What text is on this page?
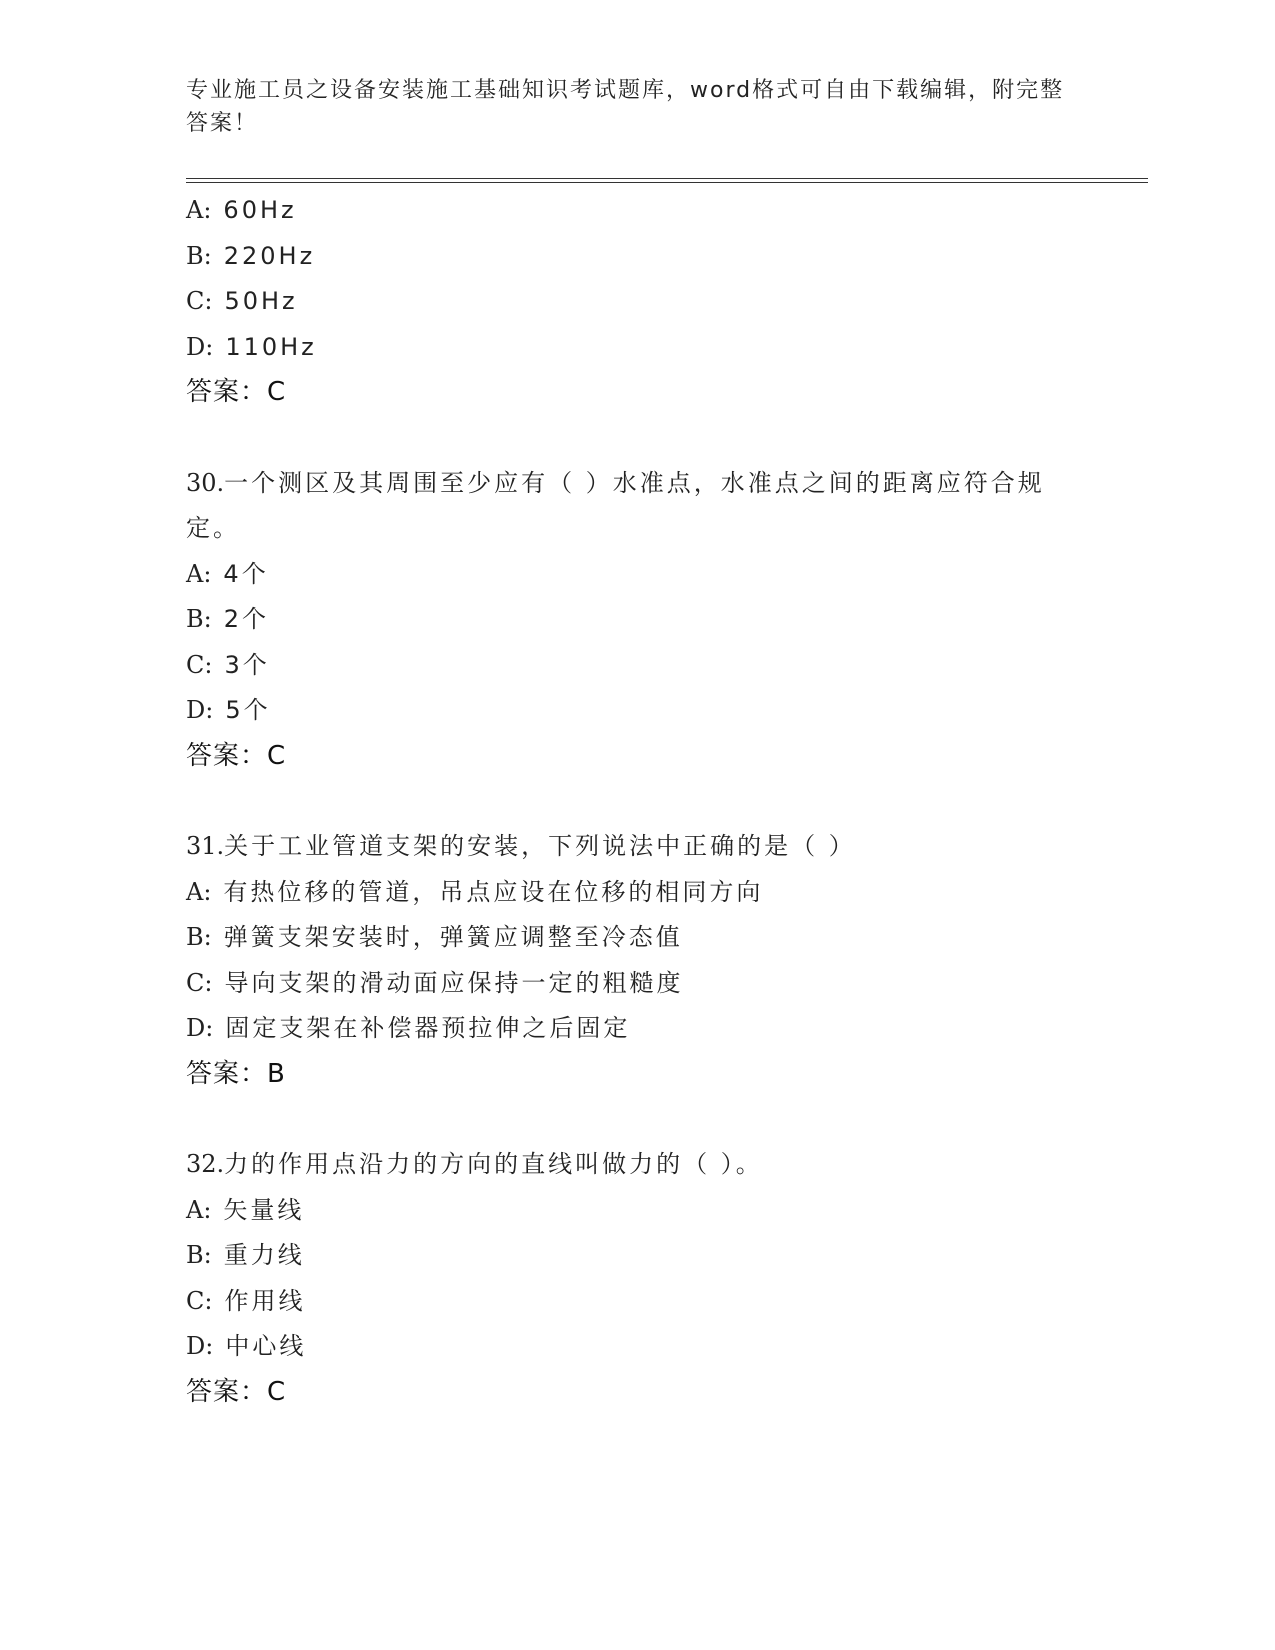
专业施工员之设备安装施工基础知识考试题库，word格式可自由下载编辑，附完整答案！
A: 60Hz
B: 220Hz
C: 50Hz
D: 110Hz
答案：C
30.一个测区及其周围至少应有（ ）水准点，水准点之间的距离应符合规定。
A: 4个
B: 2个
C: 3个
D: 5个
答案：C
31.关于工业管道支架的安装，下列说法中正确的是（ ）
A: 有热位移的管道，吊点应设在位移的相同方向
B: 弹簧支架安装时，弹簧应调整至冷态值
C: 导向支架的滑动面应保持一定的粗糙度
D: 固定支架在补偿器预拉伸之后固定
答案：B
32.力的作用点沿力的方向的直线叫做力的（ ）。
A: 矢量线
B: 重力线
C: 作用线
D: 中心线
答案：C
